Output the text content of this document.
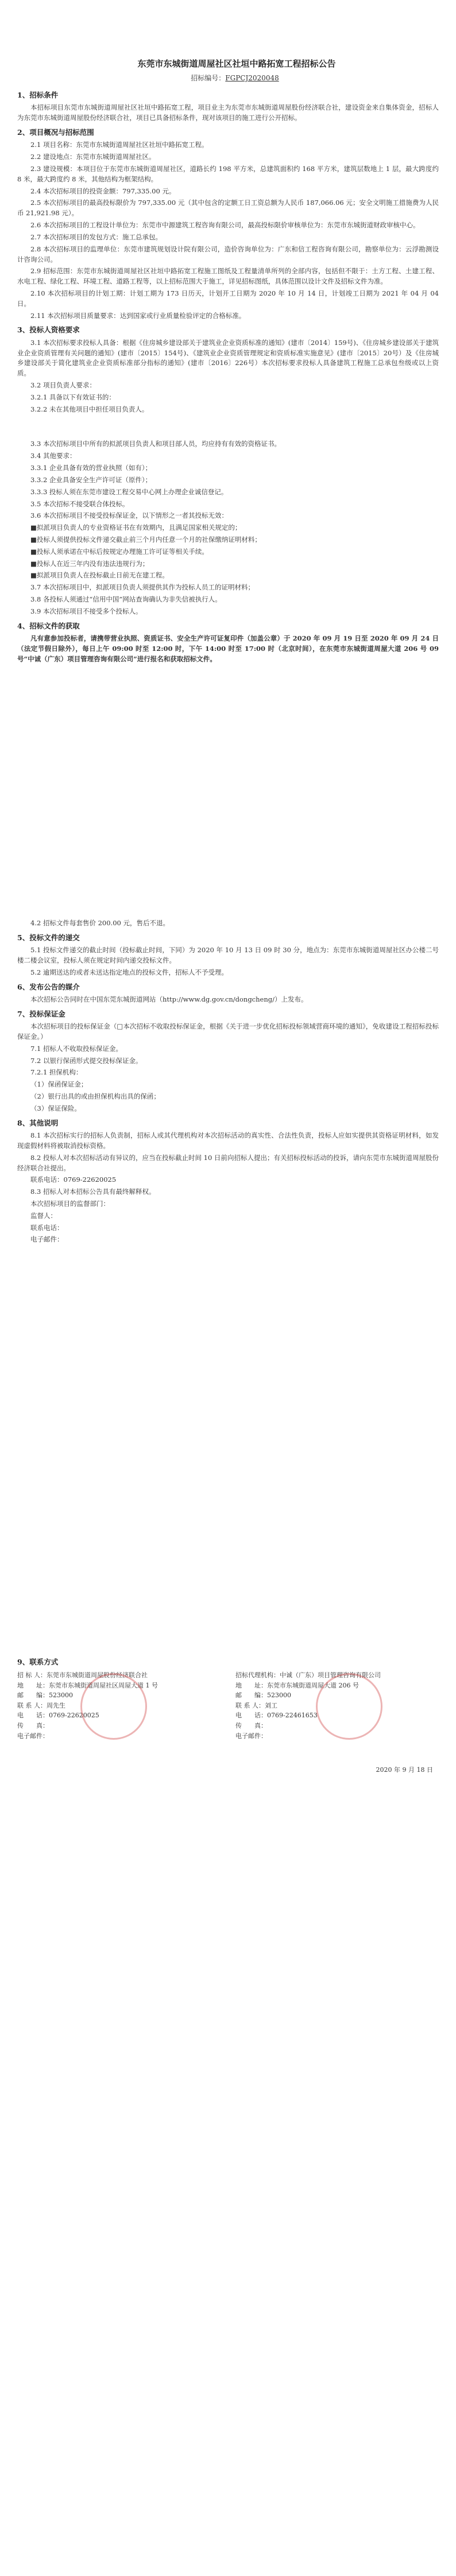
东莞市东城街道周屋社区社垣中路拓宽工程招标公告

招标编号：FGPCJ2020048

1、招标条件

本招标项目东莞市东城街道周屋社区社垣中路拓宽工程，项目业主为东莞市东城街道周屋股份经济联合社，建设资金来自集体资金，招标人为东莞市东城街道周屋股份经济联合社，项目已具备招标条件，现对该项目的施工进行公开招标。

2、项目概况与招标范围

2.1 项目名称：东莞市东城街道周屋社区社垣中路拓宽工程。

2.2 建设地点：东莞市东城街道周屋社区。

2.3 建设规模：本项目位于东莞市东城街道周屋社区，道路长约 198 平方米，总建筑面积约 168 平方米，建筑层数地上 1 层，最大跨度约 8 米，最大跨度约 8 米，其他结构为框架结构。

2.4 本次招标项目的投资金额：797,335.00 元。

2.5 本次招标项目的最高投标限价为 797,335.00 元（其中包含的定额工日工资总额为人民币 187,066.06 元；安全文明施工措施费为人民币 21,921.98 元）。

2.6 本次招标项目的工程设计单位为：东莞市中源建筑工程咨询有限公司，最高投标限价审核单位为：东莞市东城街道财政审核中心。

2.7 本次招标项目的发包方式：施工总承包。

2.8 本次招标项目的监理单位：东莞市建筑规划设计院有限公司，造价咨询单位为：广东和信工程咨询有限公司，勘察单位为：云浮勘测设计咨询公司。

2.9 招标范围：东莞市东城街道周屋社区社垣中路拓宽工程施工图纸及工程量清单所列的全部内容，包括但不限于：土方工程、土建工程、水电工程、绿化工程、环境工程、道路工程等，以上招标范围大于施工，详见招标图纸，具体范围以设计文件及招标文件为准。

2.10 本次招标项目的计划工期：计划工期为 173 日历天，计划开工日期为 2020 年 10 月 14 日，计划竣工日期为 2021 年 04 月 04 日。

2.11 本次招标项目质量要求：达到国家或行业质量检验评定的合格标准。

3、投标人资格要求

3.1 本次招标要求投标人具备：根据《住房城乡建设部关于建筑业企业资质标准的通知》(建市〔2014〕159号)、《住房城乡建设部关于建筑业企业资质管理有关问题的通知》(建市〔2015〕154号)、《建筑业企业资质管理规定和资质标准实施意见》(建市〔2015〕20号）及《住房城乡建设部关于简化建筑业企业资质标准部分指标的通知》(建市〔2016〕226号）本次招标要求投标人具备建筑工程施工总承包叁级或以上资质。

3.2 项目负责人要求：

3.2.1 具备以下有效证书的：

3.2.2 未在其他项目中担任项目负责人。

3.3 本次招标项目中所有的拟派项目负责人和项目部人员，均应持有有效的资格证书。

3.4 其他要求：

3.3.1 企业具备有效的营业执照（如有）；

3.3.2 企业具备安全生产许可证（原件）；

3.3.3 投标人须在东莞市建设工程交易中心网上办理企业诚信登记。

3.5 本次招标不接受联合体投标。

3.6 本次招标项目不接受投标保证金，以下情形之一者其投标无效：

■拟派项目负责人的专业资格证书在有效期内，且满足国家相关规定的；

■投标人须提供投标文件递交截止前三个月内任意一个月的社保缴纳证明材料；

■投标人须承诺在中标后按规定办理施工许可证等相关手续。

■投标人在近三年内没有违法违规行为；

■拟派项目负责人在投标截止日前无在建工程。

3.7 本次招标项目中，拟派项目负责人须提供其作为投标人员工的证明材料；

3.8 各投标人须通过“信用中国”网站查询确认为非失信被执行人。

3.9 本次招标项目不接受多个投标人。

4、招标文件的获取

凡有意参加投标者，请携带营业执照、资质证书、安全生产许可证复印件（加盖公章）于 2020 年 09 月 19 日至 2020 年 09 月 24 日（法定节假日除外），每日上午 09:00 时至 12:00 时，下午 14:00 时至 17:00 时（北京时间），在东莞市东城街道周屋大道 206 号 09 号“中诚（广东）项目管理咨询有限公司”进行报名和获取招标文件。

4.2 招标文件每套售价 200.00 元，售后不退。

5、投标文件的递交

5.1 投标文件递交的截止时间（投标截止时间，下同）为 2020 年 10 月 13 日 09 时 30 分，地点为：东莞市东城街道周屋社区办公楼二号楼二楼会议室，投标人须在规定时间内递交投标文件。

5.2 逾期送达的或者未送达指定地点的投标文件，招标人不予受理。

6、发布公告的媒介

本次招标公告同时在中国东莞东城街道网站（http://www.dg.gov.cn/dongcheng/）上发布。

7、投标保证金

本次招标项目的投标保证金（□本次招标不收取投标保证金，根据《关于进一步优化招标投标领域营商环境的通知》，免收建设工程招标投标保证金。）

7.1 招标人不收取投标保证金。

7.2 以银行保函形式提交投标保证金。

7.2.1 担保机构：

（1）保函保证金；

（2）银行出具的或由担保机构出具的保函；

（3）保证保险。

8、其他说明

8.1 本次招标实行的招标人负责制，招标人或其代理机构对本次招标活动的真实性、合法性负责，投标人应如实提供其资格证明材料，如发现虚假材料将被取消投标资格。

8.2 投标人对本次招标活动有异议的，应当在投标截止时间 10 日前向招标人提出；有关招标投标活动的投诉，请向东莞市东城街道周屋股份经济联合社提出。

联系电话：0769-22620025

8.3 招标人对本招标公告具有最终解释权。

本次招标项目的监督部门：

监督人：

联系电话：

电子邮件：

9、联系方式
招 标 人：东莞市东城街道周屋股份经济联合社
地　　址：东莞市东城街道周屋社区周屋大道 1 号
邮　　编：523000
联 系 人：周先生
电　　话：0769-22620025
传　　真：
电子邮件：
招标代理机构：中诚（广东）项目管理咨询有限公司
地　　址：东莞市东城街道周屋大道 206 号
邮　　编：523000
联 系 人：刘工
电　　话：0769-22461653
传　　真：
电子邮件：
2020 年 9 月 18 日
